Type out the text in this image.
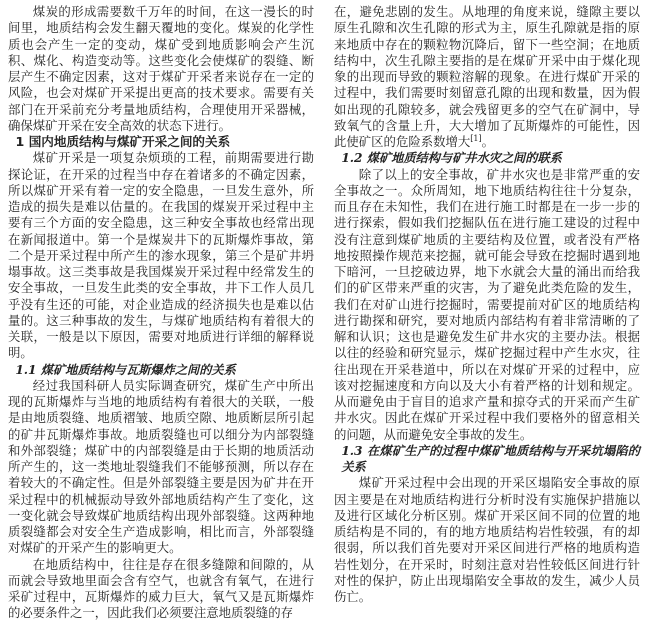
煤炭的形成需要数千万年的时间，在这一漫长的时间里，地质结构会发生翻天覆地的变化。煤炭的化学性质也会产生一定的变动，煤矿受到地质影响会产生沉积、煤化、构造变动等。这些变化会使煤矿的裂缝、断层产生不确定因素，这对于煤矿开采者来说存在一定的风险，也会对煤矿开采提出更高的技术要求。需要有关部门在开采前充分考量地质结构，合理使用开采器械，确保煤矿开采在安全高效的状态下进行。

1 国内地质结构与煤矿开采之间的关系

煤矿开采是一项复杂烦琐的工程，前期需要进行勘探论证，在开采的过程当中存在着诸多的不确定因素，所以煤矿开采有着一定的安全隐患，一旦发生意外，所造成的损失是难以估量的。在我国的煤炭开采过程中主要有三个方面的安全隐患，这三种安全事故也经常出现在新闻报道中。第一个是煤炭井下的瓦斯爆炸事故，第二个是开采过程中所产生的渗水现象，第三个是矿井坍塌事故。这三类事故是我国煤炭开采过程中经常发生的安全事故，一旦发生此类的安全事故，井下工作人员几乎没有生还的可能，对企业造成的经济损失也是难以估量的。这三种事故的发生，与煤矿地质结构有着很大的关联，一般是以下原因，需要对地质进行详细的解释说明。

1.1 煤矿地质结构与瓦斯爆炸之间的关系

经过我国科研人员实际调查研究，煤矿生产中所出现的瓦斯爆炸与当地的地质结构有着很大的关联，一般是由地质裂缝、地质褶皱、地质空隙、地质断层所引起的矿井瓦斯爆炸事故。地质裂缝也可以细分为内部裂缝和外部裂缝；煤矿中的内部裂缝是由于长期的地质活动所产生的，这一类地址裂缝我们不能够预测，所以存在着较大的不确定性。但是外部裂缝主要是因为矿井在开采过程中的机械振动导致外部地质结构产生了变化，这一变化就会导致煤矿地质结构出现外部裂缝。这两种地质裂缝都会对安全生产造成影响，相比而言，外部裂缝对煤矿的开采产生的影响更大。

在地质结构中，往往是存在很多缝隙和间隙的，从而就会导致地里面会含有空气，也就含有氧气，在进行采矿过程中，瓦斯爆炸的威力巨大，氧气又是瓦斯爆炸的必要条件之一，因此我们必须要注意地质裂缝的存

在，避免悲剧的发生。从地理的角度来说，缝隙主要以原生孔隙和次生孔隙的形式为主，原生孔隙就是指的原来地质中存在的颗粒物沉降后，留下一些空洞；在地质结构中，次生孔隙主要指的是在煤矿开采中由于煤化现象的出现而导致的颗粒溶解的现象。在进行煤矿开采的过程中，我们需要时刻留意孔隙的出现和数量，因为假如出现的孔隙较多，就会残留更多的空气在矿洞中，导致氧气的含量上升，大大增加了瓦斯爆炸的可能性，因此使矿区的危险系数增大[1]。

1.2 煤矿地质结构与矿井水灾之间的联系

除了以上的安全事故，矿井水灾也是非常严重的安全事故之一。众所周知，地下地质结构往往十分复杂，而且存在未知性，我们在进行施工时都是在一步一步的进行探索，假如我们挖掘队伍在进行施工建设的过程中没有注意到煤矿地质的主要结构及位置，或者没有严格地按照操作规范来挖掘，就可能会导致在挖掘时遇到地下暗河，一旦挖破边界，地下水就会大量的涌出而给我们的矿区带来严重的灾害，为了避免此类危险的发生，我们在对矿山进行挖掘时，需要提前对矿区的地质结构进行勘探和研究，要对地质内部结构有着非常清晰的了解和认识；这也是避免发生矿井水灾的主要办法。根据以往的经验和研究显示，煤矿挖掘过程中产生水灾，往往出现在开采巷道中，所以在对煤矿开采的过程中，应该对挖掘速度和方向以及大小有着严格的计划和规定。从而避免由于盲目的追求产量和掠夺式的开采而产生矿井水灾。因此在煤矿开采过程中我们要格外的留意相关的问题，从而避免安全事故的发生。

1.3 在煤矿生产的过程中煤矿地质结构与开采坑塌陷的关系

煤矿开采过程中会出现的开采区塌陷安全事故的原因主要是在对地质结构进行分析时没有实施保护措施以及进行区域化分析区别。煤矿开采区间不同的位置的地质结构是不同的，有的地方地质结构岩性较强，有的却很弱，所以我们首先要对开采区间进行严格的地质构造岩性划分，在开采时，时刻注意对岩性较低区间进行针对性的保护，防止出现塌陷安全事故的发生，减少人员伤亡。
